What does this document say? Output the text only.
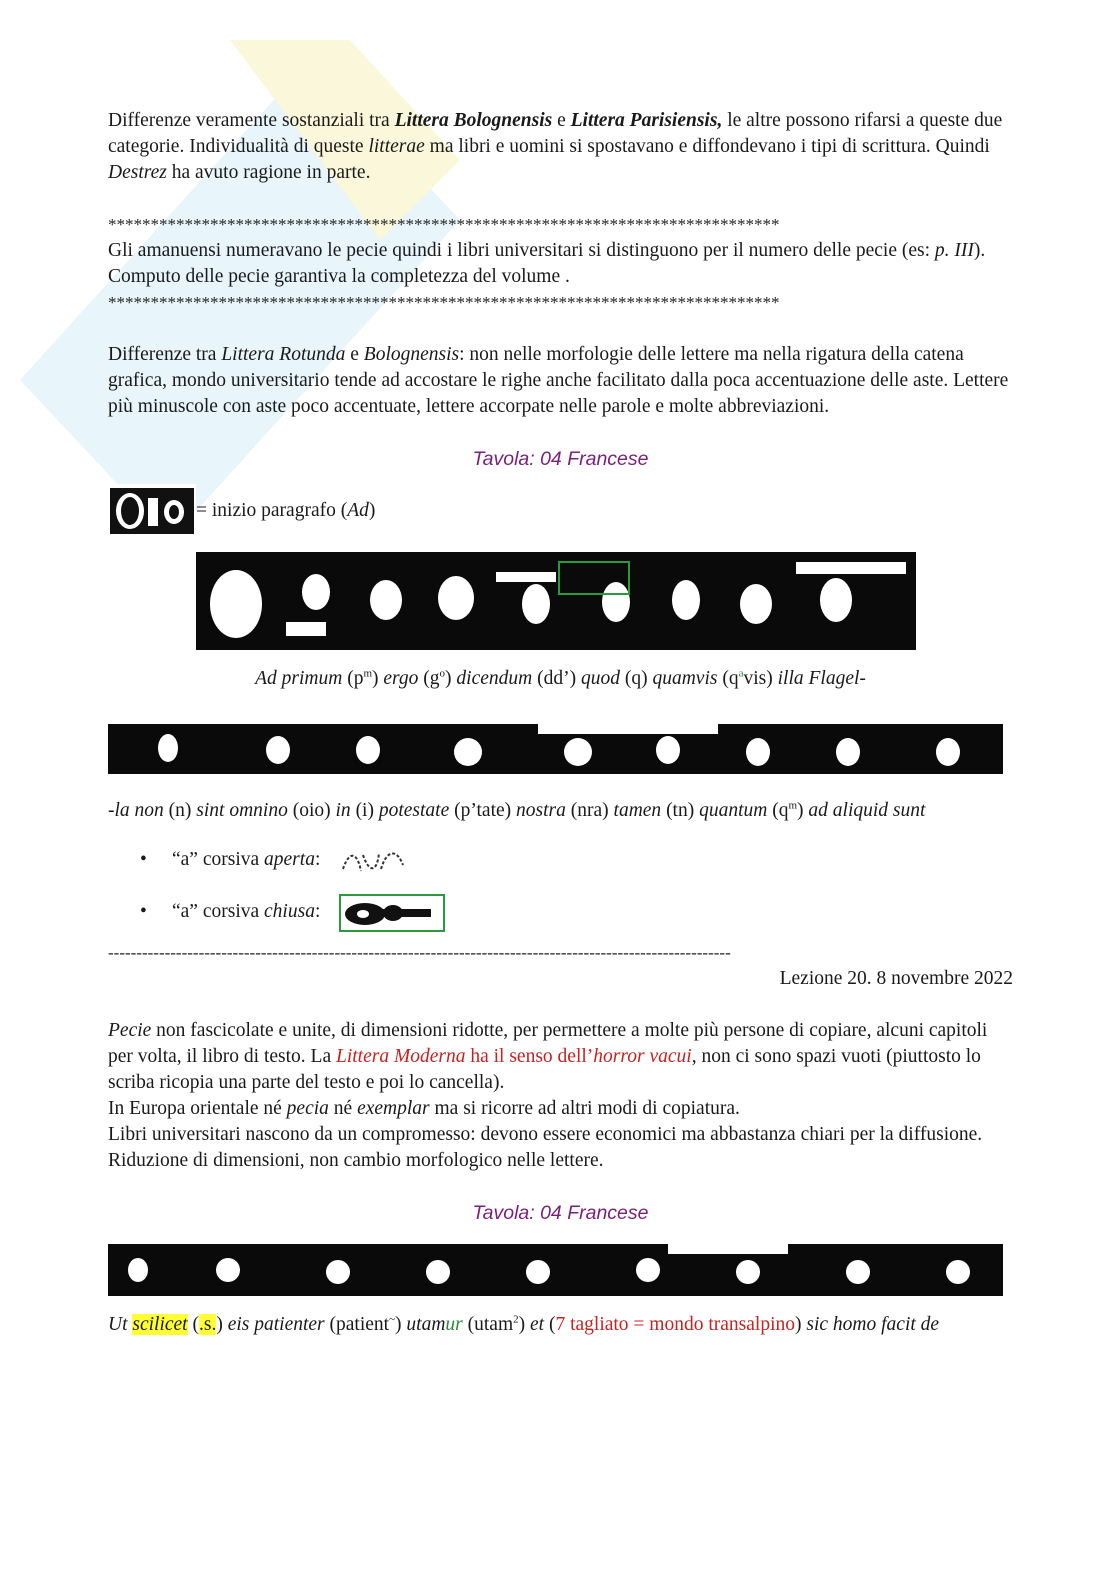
Differenze veramente sostanziali tra Littera Bolognensis e Littera Parisiensis, le altre possono rifarsi a queste due categorie. Individualità di queste litterae ma libri e uomini si spostavano e diffondevano i tipi di scrittura. Quindi Destrez ha avuto ragione in parte.

*******************************************************************************

Gli amanuensi numeravano le pecie quindi i libri universitari si distinguono per il numero delle pecie (es: p. III). Computo delle pecie garantiva la completezza del volume .

*******************************************************************************

Differenze tra Littera Rotunda e Bolognensis: non nelle morfologie delle lettere ma nella rigatura della catena grafica, mondo universitario tende ad accostare le righe anche facilitato dalla poca accentuazione delle aste. Lettere più minuscole con aste poco accentuate, lettere accorpate nelle parole e molte abbreviazioni.

Tavola: 04 Francese

= inizio paragrafo (Ad)

Ad primum $(p^m)$ ergo $(g^o)$ dicendum (dd’) quod (q) quamvis $(q^avis)$ illa Flagel-

-la non (n) sint omnino (oio) in (i) potestate (p’tate) nostra (nra) tamen (tn) quantum $(q^m)$ ad aliquid sunt

• “a” corsiva aperta:
• “a” corsiva chiusa:
--------------------------------------------------------------------------------------------------------------

Lezione 20. 8 novembre 2022

Pecie non fascicolate e unite, di dimensioni ridotte, per permettere a molte più persone di copiare, alcuni capitoli per volta, il libro di testo. La Littera Moderna ha il senso dell’horror vacui, non ci sono spazi vuoti (piuttosto lo scriba ricopia una parte del testo e poi lo cancella).

In Europa orientale né pecia né exemplar ma si ricorre ad altri modi di copiatura.

Libri universitari nascono da un compromesso: devono essere economici ma abbastanza chiari per la diffusione. Riduzione di dimensioni, non cambio morfologico nelle lettere.

Tavola: 04 Francese

Ut scilicet (.s.) eis patienter (patient~) utamur (utam$^2$) et (7 tagliato = mondo transalpino) sic homo facit de
